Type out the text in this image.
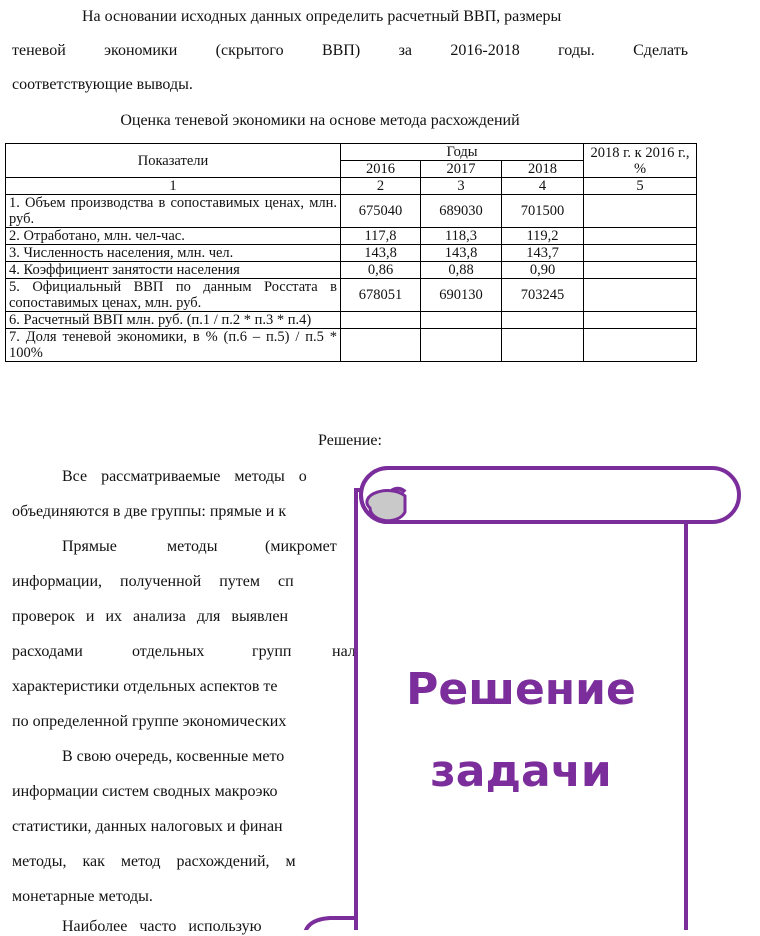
На основании исходных данных определить расчетный ВВП, размеры

теневой экономики (скрытого ВВП) за 2016-2018 годы. Сделать

соответствующие выводы.

Оценка теневой экономики на основе метода расхождений
Показатели	Годы			2018 г. к 2016 г., %
	2016	2017	2018	
1	2	3	4	5
1. Объем производства в сопоставимых ценах, млн. руб.	675040	689030	701500	
2. Отработано, млн. чел-час.	117,8	118,3	119,2	
3. Численность населения, млн. чел.	143,8	143,8	143,7	
4. Коэффициент занятости населения	0,86	0,88	0,90	
5. Официальный ВВП по данным Росстата в сопоставимых ценах, млн. руб.	678051	690130	703245	
6. Расчетный ВВП млн. руб. (п.1 / п.2 * п.3 * п.4)				
7. Доля теневой экономики, в % (п.6 – п.5) / п.5 * 100%				
Решение:

Все рассматриваемые методы о

объединяются в две группы: прямые и к

Прямые	методы	(микромет

информации, полученной путем сп

проверок и их анализа для выявлен

расходами	отдельных	групп	нал

характеристики отдельных аспектов те

по определенной группе экономических

В свою очередь, косвенные мето

информации систем сводных макроэко

статистики, данных налоговых и финан

методы, как метод расхождений, м

монетарные методы.

Наиболее часто использую

Решение
задачи
